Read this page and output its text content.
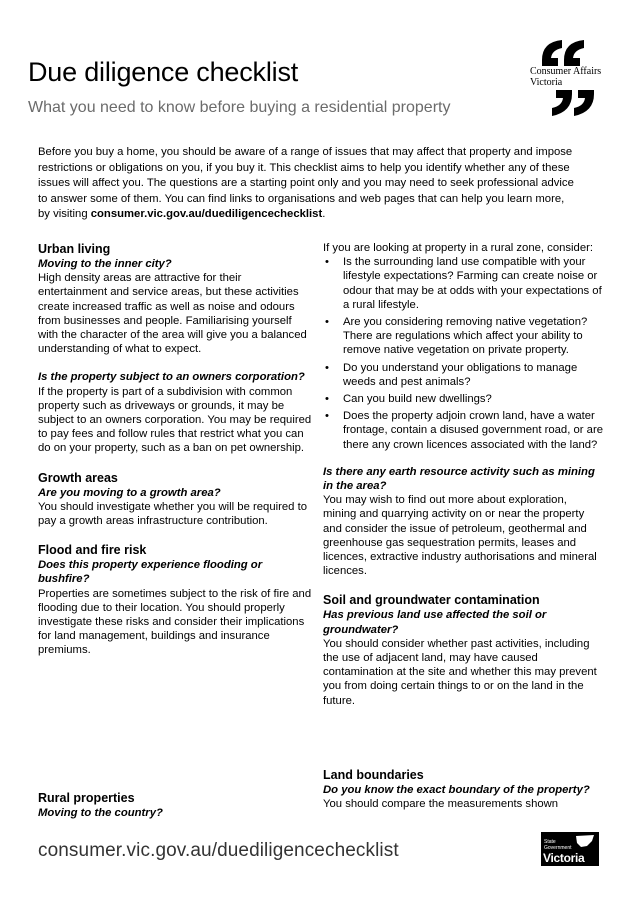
Due diligence checklist

What you need to know before buying a residential property

Consumer Affairs
Victoria

Before you buy a home, you should be aware of a range of issues that may affect that property and impose restrictions or obligations on you, if you buy it. This checklist aims to help you identify whether any of these issues will affect you. The questions are a starting point only and you may need to seek professional advice to answer some of them. You can find links to organisations and web pages that can help you learn more, by visiting consumer.vic.gov.au/duediligencechecklist.

Urban living

Moving to the inner city?

High density areas are attractive for their entertainment and service areas, but these activities create increased traffic as well as noise and odours from businesses and people. Familiarising yourself with the character of the area will give you a balanced understanding of what to expect.

Is the property subject to an owners corporation?

If the property is part of a subdivision with common property such as driveways or grounds, it may be subject to an owners corporation. You may be required to pay fees and follow rules that restrict what you can do on your property, such as a ban on pet ownership.

Growth areas

Are you moving to a growth area?

You should investigate whether you will be required to pay a growth areas infrastructure contribution.

Flood and fire risk

Does this property experience flooding or bushfire?

Properties are sometimes subject to the risk of fire and flooding due to their location. You should properly investigate these risks and consider their implications for land management, buildings and insurance premiums.

Rural properties

Moving to the country?

If you are looking at property in a rural zone, consider:

• Is the surrounding land use compatible with your lifestyle expectations? Farming can create noise or odour that may be at odds with your expectations of a rural lifestyle.
• Are you considering removing native vegetation? There are regulations which affect your ability to remove native vegetation on private property.
• Do you understand your obligations to manage weeds and pest animals?
• Can you build new dwellings?
• Does the property adjoin crown land, have a water frontage, contain a disused government road, or are there any crown licences associated with the land?

Is there any earth resource activity such as mining in the area?

You may wish to find out more about exploration, mining and quarrying activity on or near the property and consider the issue of petroleum, geothermal and greenhouse gas sequestration permits, leases and licences, extractive industry authorisations and mineral licences.

Soil and groundwater contamination

Has previous land use affected the soil or groundwater?

You should consider whether past activities, including the use of adjacent land, may have caused contamination at the site and whether this may prevent you from doing certain things to or on the land in the future.

Land boundaries

Do you know the exact boundary of the property?

You should compare the measurements shown

consumer.vic.gov.au/duediligencechecklist	State
Government
Victoria
